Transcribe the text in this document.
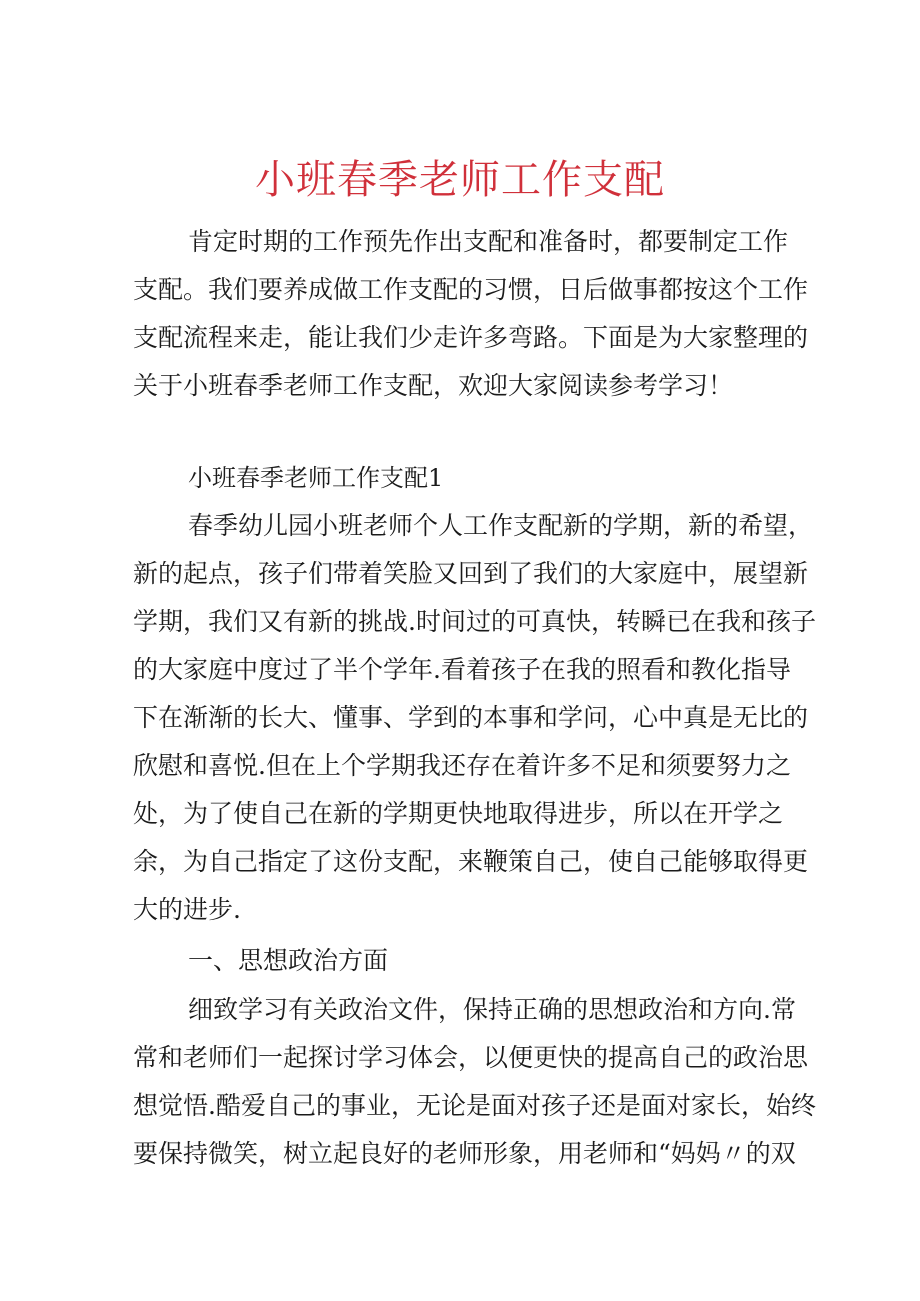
小班春季老师工作支配

肯定时期的工作预先作出支配和准备时，都要制定工作

支配。我们要养成做工作支配的习惯，日后做事都按这个工作

支配流程来走，能让我们少走许多弯路。下面是为大家整理的

关于小班春季老师工作支配，欢迎大家阅读参考学习！

小班春季老师工作支配1

春季幼儿园小班老师个人工作支配新的学期，新的希望，

新的起点，孩子们带着笑脸又回到了我们的大家庭中，展望新

学期，我们又有新的挑战.时间过的可真快，转瞬已在我和孩子

的大家庭中度过了半个学年.看着孩子在我的照看和教化指导

下在渐渐的长大、懂事、学到的本事和学问，心中真是无比的

欣慰和喜悦.但在上个学期我还存在着许多不足和须要努力之

处，为了使自己在新的学期更快地取得进步，所以在开学之

余，为自己指定了这份支配，来鞭策自己，使自己能够取得更

大的进步.

一、思想政治方面

细致学习有关政治文件，保持正确的思想政治和方向.常

常和老师们一起探讨学习体会，以便更快的提高自己的政治思

想觉悟.酷爱自己的事业，无论是面对孩子还是面对家长，始终

要保持微笑，树立起良好的老师形象，用老师和“妈妈〃的双
